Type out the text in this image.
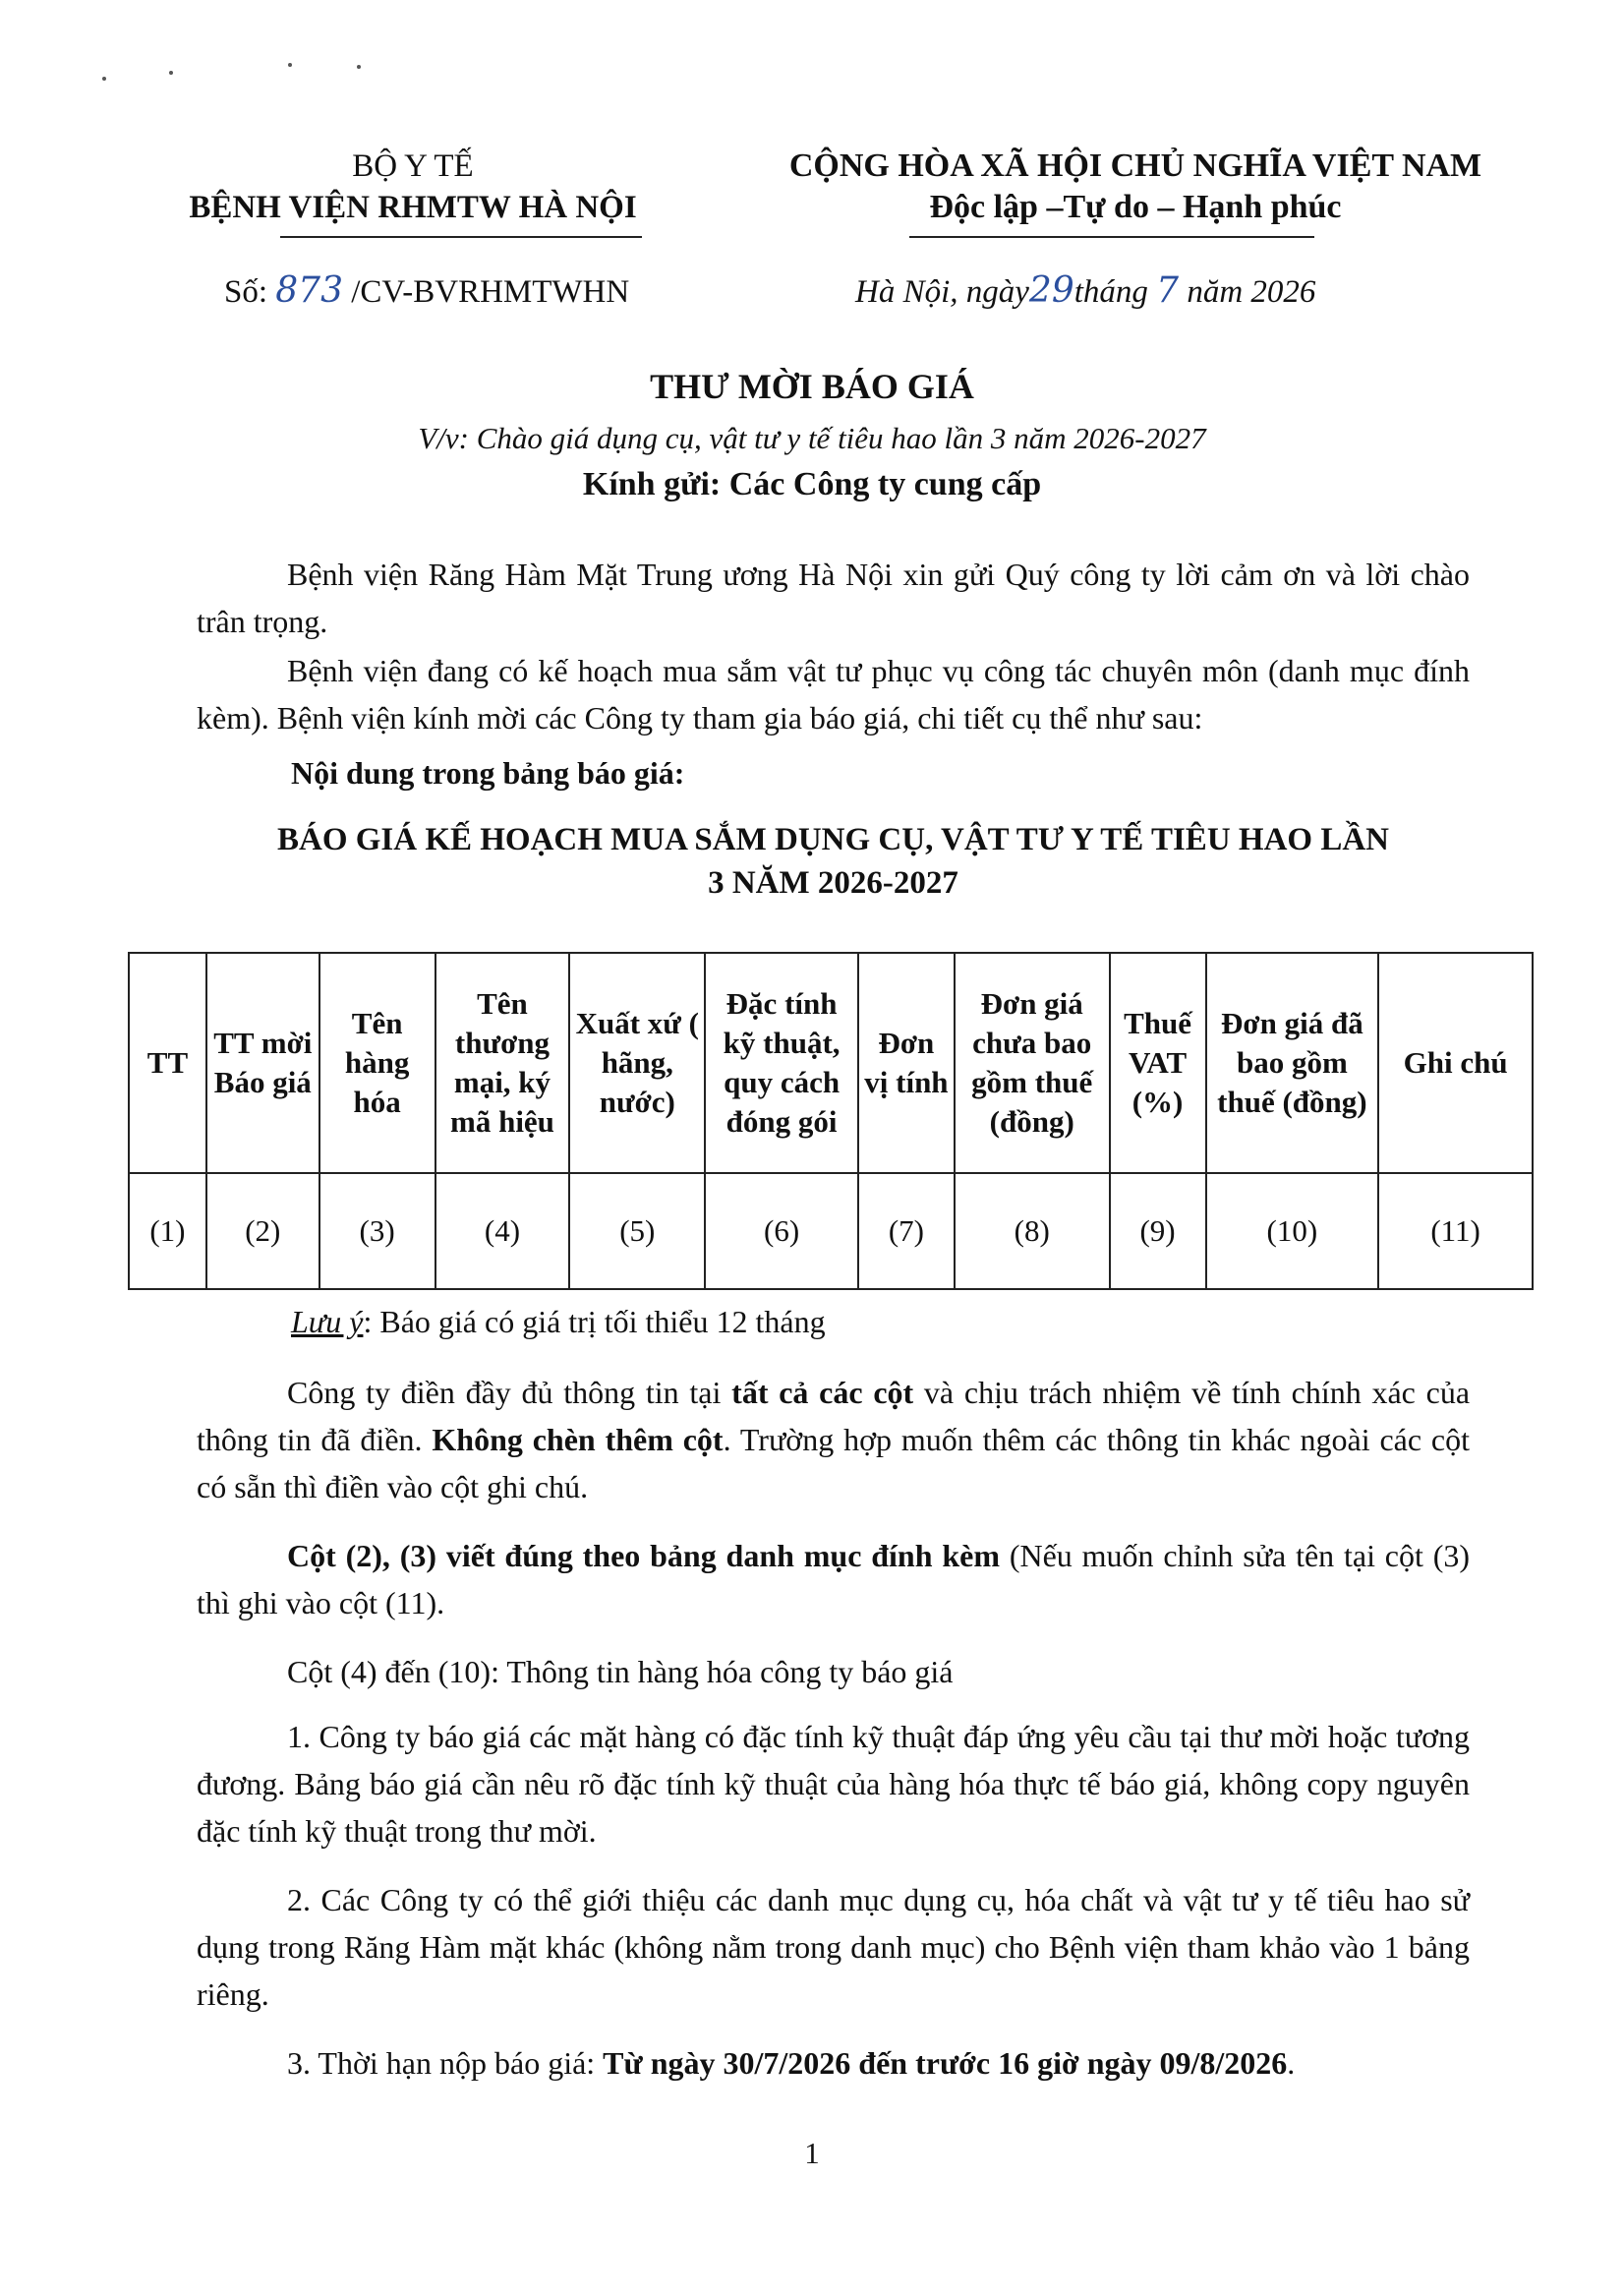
BỘ Y TẾ
BỆNH VIỆN RHMTW HÀ NỘI
CỘNG HÒA XÃ HỘI CHỦ NGHĨA VIỆT NAM
Độc lập –Tự do – Hạnh phúc
Số: 873 /CV-BVRHMTWHN	Hà Nội, ngày29tháng 7 năm 2026
THƯ MỜI BÁO GIÁ
V/v: Chào giá dụng cụ, vật tư y tế tiêu hao lần 3 năm 2026-2027
Kính gửi: Các Công ty cung cấp
Bệnh viện Răng Hàm Mặt Trung ương Hà Nội xin gửi Quý công ty lời cảm ơn và lời chào trân trọng.
Bệnh viện đang có kế hoạch mua sắm vật tư phục vụ công tác chuyên môn (danh mục đính kèm). Bệnh viện kính mời các Công ty tham gia báo giá, chi tiết cụ thể như sau:
Nội dung trong bảng báo giá:
BÁO GIÁ KẾ HOẠCH MUA SẮM DỤNG CỤ, VẬT TƯ Y TẾ TIÊU HAO LẦN
3 NĂM 2026-2027
TT	TT mời Báo giá	Tên hàng hóa	Tên thương mại, ký mã hiệu	Xuất xứ ( hãng, nước)	Đặc tính kỹ thuật, quy cách đóng gói	Đơn vị tính	Đơn giá chưa bao gồm thuế (đồng)	Thuế VAT (%)	Đơn giá đã bao gồm thuế (đồng)	Ghi chú
(1)	(2)	(3)	(4)	(5)	(6)	(7)	(8)	(9)	(10)	(11)
Lưu ý: Báo giá có giá trị tối thiểu 12 tháng
Công ty điền đầy đủ thông tin tại tất cả các cột và chịu trách nhiệm về tính chính xác của thông tin đã điền. Không chèn thêm cột. Trường hợp muốn thêm các thông tin khác ngoài các cột có sẵn thì điền vào cột ghi chú.
Cột (2), (3) viết đúng theo bảng danh mục đính kèm (Nếu muốn chỉnh sửa tên tại cột (3) thì ghi vào cột (11).
Cột (4) đến (10): Thông tin hàng hóa công ty báo giá
1. Công ty báo giá các mặt hàng có đặc tính kỹ thuật đáp ứng yêu cầu tại thư mời hoặc tương đương. Bảng báo giá cần nêu rõ đặc tính kỹ thuật của hàng hóa thực tế báo giá, không copy nguyên đặc tính kỹ thuật trong thư mời.
2. Các Công ty có thể giới thiệu các danh mục dụng cụ, hóa chất và vật tư y tế tiêu hao sử dụng trong Răng Hàm mặt khác (không nằm trong danh mục) cho Bệnh viện tham khảo vào 1 bảng riêng.
3. Thời hạn nộp báo giá: Từ ngày 30/7/2026 đến trước 16 giờ ngày 09/8/2026.
1
